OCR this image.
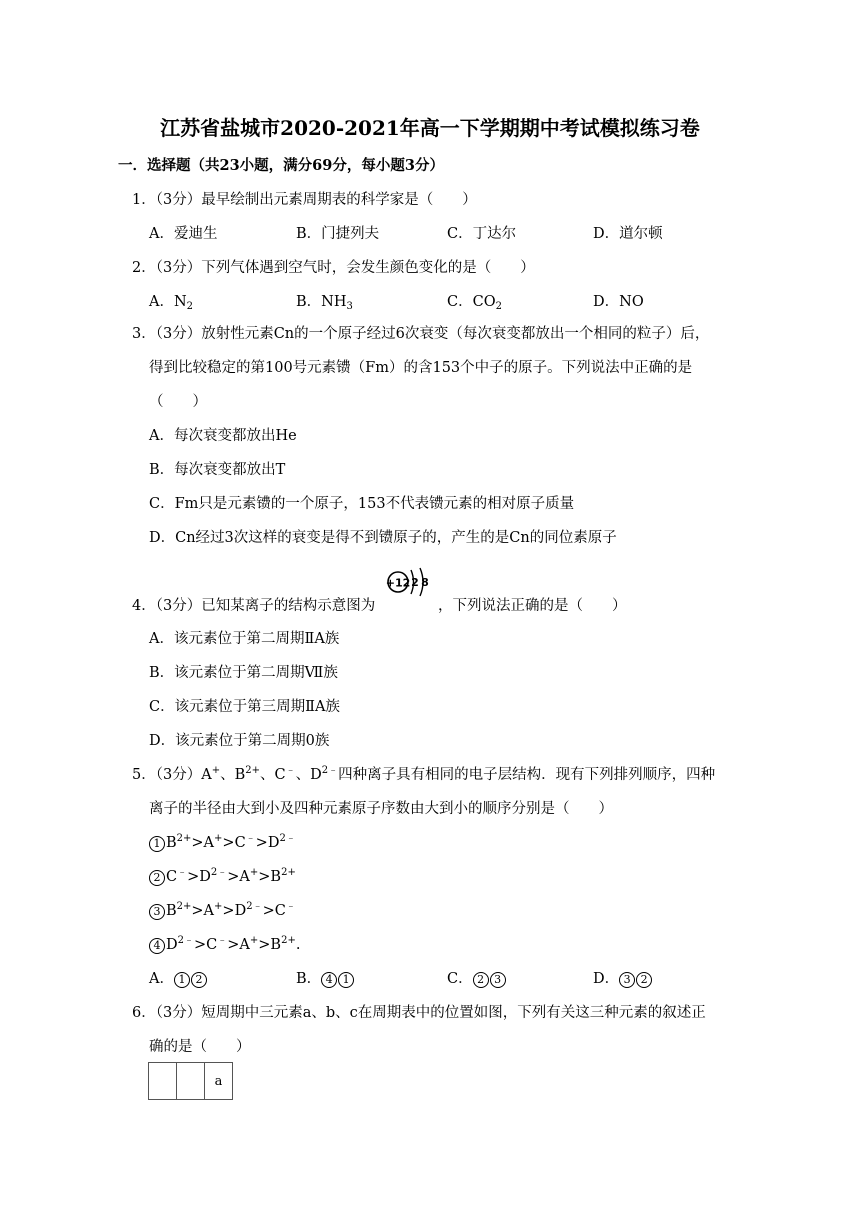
江苏省盐城市2020-2021年高一下学期期中考试模拟练习卷
一．选择题（共23小题，满分69分，每小题3分）
1．（3分）最早绘制出元素周期表的科学家是（　　）
A．爱迪生	B．门捷列夫	C．丁达尔	D．道尔顿
2．（3分）下列气体遇到空气时，会发生颜色变化的是（　　）
A．$N_2$	B．$NH_3$	C．$CO_2$	D．NO
3．（3分）放射性元素Cn的一个原子经过6次衰变（每次衰变都放出一个相同的粒子）后，
得到比较稳定的第100号元素镄（Fm）的含153个中子的原子。下列说法中正确的是
（　　）
A．每次衰变都放出He
B．每次衰变都放出T
C．Fm只是元素镄的一个原子，153不代表镄元素的相对原子质量
D．Cn经过3次这样的衰变是得不到镄原子的，产生的是Cn的同位素原子
4．（3分）已知某离子的结构示意图为
+12 2 8
，下列说法正确的是（　　）
A．该元素位于第二周期ⅡA族
B．该元素位于第二周期Ⅶ族
C．该元素位于第三周期ⅡA族
D．该元素位于第二周期0族
5．（3分）A+、$B^{2+}$、C﹣、$D^{2﹣}$四种离子具有相同的电子层结构．现有下列排列顺序，四种
离子的半径由大到小及四种元素原子序数由大到小的顺序分别是（　　）
1 $B^{2+}>A^+>C^﹣>D^{2﹣}$
2 $C^﹣>D^{2﹣}>A^+>B^{2+}$
3 $B^{2+}>A^+>D^{2﹣}>C^﹣$
4 $D^{2﹣}>C^﹣>A^+>B^{2+}$.
A． 1 2	B． 4 1	C． 2 3	D． 3 2
6．（3分）短周期中三元素a、b、c在周期表中的位置如图，下列有关这三种元素的叙述正
确的是（　　）
		a
